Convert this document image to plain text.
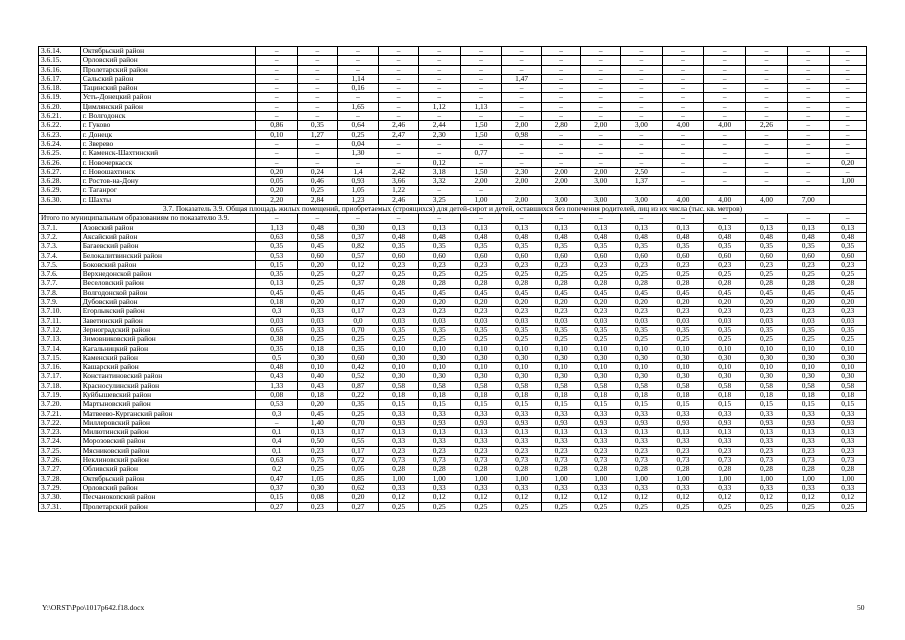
3.6.14.	Октябрьский район	–	–	–	–	–	–	–	–	–	–	–	–	–	–	–
3.6.15.	Орловский район	–	–	–	–	–	–	–	–	–	–	–	–	–	–	–
3.6.16.	Пролетарский район	–	–	–	–	–	–	–	–	–	–	–	–	–	–	–
3.6.17.	Сальский район	–	–	1,14	–	–	–	1,47	–	–	–	–	–	–	–	–
3.6.18.	Тацинский район	–	–	0,16	–	–	–	–	–	–	–	–	–	–	–	–
3.6.19.	Усть-Донецкий район	–	–	–	–	–	–	–	–	–	–	–	–	–	–	–
3.6.20.	Цимлянский район	–	–	1,65	–	1,12	1,13	–	–	–	–	–	–	–	–	–
3.6.21.	г. Волгодонск	–	–	–	–	–	–	–	–	–	–	–	–	–	–	–
3.6.22.	г. Гуково	0,86	0,35	0,64	2,46	2,44	1,50	2,00	2,80	2,00	3,00	4,00	4,00	2,26	–	–
3.6.23.	г. Донецк	0,10	1,27	0,25	2,47	2,30	1,50	0,98	–	–	–	–	–	–	–	–
3.6.24.	г. Зверево	–	–	0,04	–	–	–	–	–	–	–	–	–	–	–	–
3.6.25.	г. Каменск-Шахтинский	–	–	1,30	–	–	0,77	–	–	–	–	–	–	–	–	–
3.6.26.	г. Новочеркасск	–	–	–	–	0,12	–	–	–	–	–	–	–	–	–	0,20
3.6.27.	г. Новошахтинск	0,20	0,24	1,4	2,42	3,18	1,50	2,30	2,00	2,00	2,50	–	–	–	–	–
3.6.28.	г. Ростов-на-Дону	0,05	0,46	0,93	3,66	3,32	2,00	2,00	2,00	3,00	1,37	–	–	–	–	1,00
3.6.29.	г. Таганрог	0,20	0,25	1,05	1,22	–	–									
3.6.30.	г. Шахты	2,20	2,84	1,23	2,46	3,25	1,00	2,00	3,00	3,00	3,00	4,00	4,00	4,00	7,00	
3.7. Показатель 3.9. Общая площадь жилых помещений, приобретаемых (строящихся) для детей-сирот и детей, оставшихся без попечения родителей, лиц из их числа (тыс. кв. метров)																
Итого по муниципальным образованиям по показателю 3.9.		–	–	–	–	–	–	–	–	–	–	–	–	–	–	–
3.7.1.	Азовский район	1,13	0,48	0,30	0,13	0,13	0,13	0,13	0,13	0,13	0,13	0,13	0,13	0,13	0,13	0,13
3.7.2.	Аксайский район	0,63	0,58	0,37	0,48	0,48	0,48	0,48	0,48	0,48	0,48	0,48	0,48	0,48	0,48	0,48
3.7.3.	Багаевский район	0,35	0,45	0,82	0,35	0,35	0,35	0,35	0,35	0,35	0,35	0,35	0,35	0,35	0,35	0,35
3.7.4.	Белокалитвинский район	0,53	0,60	0,57	0,60	0,60	0,60	0,60	0,60	0,60	0,60	0,60	0,60	0,60	0,60	0,60
3.7.5.	Боковский район	0,15	0,20	0,12	0,23	0,23	0,23	0,23	0,23	0,23	0,23	0,23	0,23	0,23	0,23	0,23
3.7.6.	Верхнедонской район	0,35	0,25	0,27	0,25	0,25	0,25	0,25	0,25	0,25	0,25	0,25	0,25	0,25	0,25	0,25
3.7.7.	Веселовский район	0,13	0,25	0,37	0,28	0,28	0,28	0,28	0,28	0,28	0,28	0,28	0,28	0,28	0,28	0,28
3.7.8.	Волгодонской район	0,45	0,45	0,45	0,45	0,45	0,45	0,45	0,45	0,45	0,45	0,45	0,45	0,45	0,45	0,45
3.7.9.	Дубовский район	0,18	0,20	0,17	0,20	0,20	0,20	0,20	0,20	0,20	0,20	0,20	0,20	0,20	0,20	0,20
3.7.10.	Егорлыкский район	0,3	0,33	0,17	0,23	0,23	0,23	0,23	0,23	0,23	0,23	0,23	0,23	0,23	0,23	0,23
3.7.11.	Заветинский район	0,03	0,03	0,0	0,03	0,03	0,03	0,03	0,03	0,03	0,03	0,03	0,03	0,03	0,03	0,03
3.7.12.	Зерноградский район	0,65	0,33	0,70	0,35	0,35	0,35	0,35	0,35	0,35	0,35	0,35	0,35	0,35	0,35	0,35
3.7.13.	Зимовниковский район	0,38	0,25	0,25	0,25	0,25	0,25	0,25	0,25	0,25	0,25	0,25	0,25	0,25	0,25	0,25
3.7.14.	Кагальницкий район	0,35	0,18	0,35	0,10	0,10	0,10	0,10	0,10	0,10	0,10	0,10	0,10	0,10	0,10	0,10
3.7.15.	Каменский район	0,5	0,30	0,60	0,30	0,30	0,30	0,30	0,30	0,30	0,30	0,30	0,30	0,30	0,30	0,30
3.7.16.	Кашарский район	0,48	0,10	0,42	0,10	0,10	0,10	0,10	0,10	0,10	0,10	0,10	0,10	0,10	0,10	0,10
3.7.17.	Константиновский район	0,43	0,40	0,52	0,30	0,30	0,30	0,30	0,30	0,30	0,30	0,30	0,30	0,30	0,30	0,30
3.7.18.	Красносулинский район	1,33	0,43	0,87	0,58	0,58	0,58	0,58	0,58	0,58	0,58	0,58	0,58	0,58	0,58	0,58
3.7.19.	Куйбышевский район	0,08	0,18	0,22	0,18	0,18	0,18	0,18	0,18	0,18	0,18	0,18	0,18	0,18	0,18	0,18
3.7.20.	Мартыновский район	0,53	0,20	0,35	0,15	0,15	0,15	0,15	0,15	0,15	0,15	0,15	0,15	0,15	0,15	0,15
3.7.21.	Матвеево-Курганский район	0,3	0,45	0,25	0,33	0,33	0,33	0,33	0,33	0,33	0,33	0,33	0,33	0,33	0,33	0,33
3.7.22.	Миллеровский район	–	1,40	0,70	0,93	0,93	0,93	0,93	0,93	0,93	0,93	0,93	0,93	0,93	0,93	0,93
3.7.23.	Милютинский район	0,1	0,13	0,17	0,13	0,13	0,13	0,13	0,13	0,13	0,13	0,13	0,13	0,13	0,13	0,13
3.7.24.	Морозовский район	0,4	0,50	0,55	0,33	0,33	0,33	0,33	0,33	0,33	0,33	0,33	0,33	0,33	0,33	0,33
3.7.25.	Мясниковский район	0,1	0,23	0,17	0,23	0,23	0,23	0,23	0,23	0,23	0,23	0,23	0,23	0,23	0,23	0,23
3.7.26.	Неклиновский район	0,63	0,75	0,72	0,73	0,73	0,73	0,73	0,73	0,73	0,73	0,73	0,73	0,73	0,73	0,73
3.7.27.	Обливский район	0,2	0,25	0,05	0,28	0,28	0,28	0,28	0,28	0,28	0,28	0,28	0,28	0,28	0,28	0,28
3.7.28.	Октябрьский район	0,47	1,05	0,85	1,00	1,00	1,00	1,00	1,00	1,00	1,00	1,00	1,00	1,00	1,00	1,00
3.7.29.	Орловский район	0,37	0,30	0,62	0,33	0,33	0,33	0,33	0,33	0,33	0,33	0,33	0,33	0,33	0,33	0,33
3.7.30.	Песчанокопский район	0,15	0,08	0,20	0,12	0,12	0,12	0,12	0,12	0,12	0,12	0,12	0,12	0,12	0,12	0,12
3.7.31.	Пролетарский район	0,27	0,23	0,27	0,25	0,25	0,25	0,25	0,25	0,25	0,25	0,25	0,25	0,25	0,25	0,25
Y:\ORST\Ppo\1017p642.f18.docx	50
